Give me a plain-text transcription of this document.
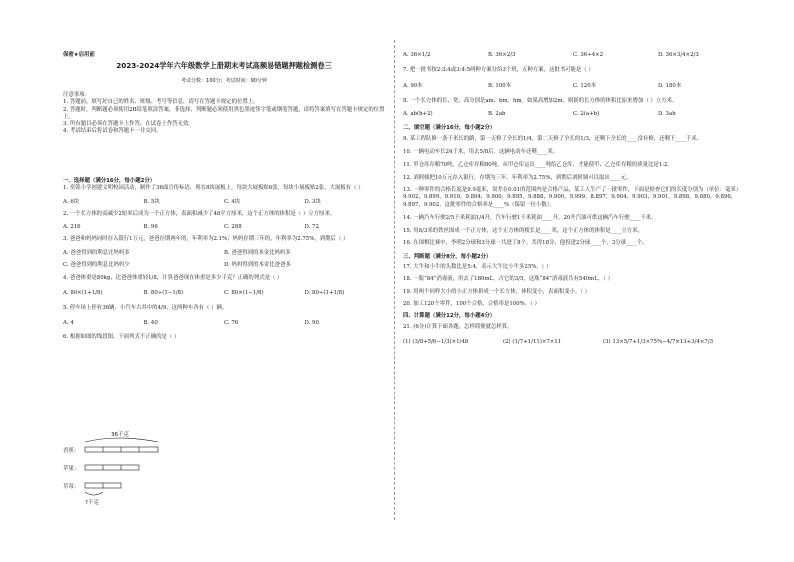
保密★启用前
2023-2024学年六年级数学上册期末考试高频易错题押题检测卷三
考试分数：100分；考试时间：90分钟
注意事项：
1. 答题前，填写好自己的姓名、班级、考号等信息，请写在答题卡规定的位置上。
2. 答题时，判断题必须使用2B铅笔填涂答案，非选择、判断题必须使用黑色墨迹签字笔或钢笔答题，请将答案填写在答题卡规定的位置上。
3. 所有题目必须在答题卡上作答，在试卷上作答无效。
4. 考试结束后将试卷和答题卡一并交回。
一、选择题（满分16分，每小题2分）
1. 奕铭小学创建文明校园活动，制作了36面宣传标语，现在8块展板上，每块大展板贴6张，每块小展板贴2张，大展板有（ ）
A. 6块	B. 5块	C. 4块	D. 3块
2. 一个长方体的高减少2厘米后成为一个正方体，表面积减少了48平方厘米，这个正方体的体积是（ ）立方厘米。
A. 216	B. 96	C. 288	D. 72
3. 爸爸和妈妈同时存入银行1万元，爸爸存期两年的，年利率为2.1%；妈妈存期三年的，年利率为2.75%，到期后（ ）
A. 爸爸得到的利息比妈妈多	B. 爸爸得到的本金比妈妈多
C. 爸爸得到的利息比妈妈少	D. 妈妈得到的本金比爸爸多
4. 爸爸体重是80kg，比爸爸体重轻1/8，计算爸爸现在体重是多少千克？正确的列式是（ ）
A. 80×(1+1/8)	B. 80÷(1−1/8)	C. 80×(1−1/8)	D. 80÷(1+1/8)
5. 停车场上停有36辆，小汽车占其中的4/9，这两种车各有（ ）辆。
A. 4	B. 40	C. 76	D. 90
6. 根据如图的线段图，下面列式不正确的是（ ）
36千克
香蕉：
苹果：
草莓：
?千克
A. 36×1/2	B. 36×2/3	C. 36÷4×2	D. 36×3/4×2/3
7. 把一批书按2:3:4或3:4:5两种方案分给3个班，五种方案，这批书可能是（ ）
A. 90本	B. 100本	C. 120本	D. 180本
8. 一个长方体的长、宽、高分别是am、bm、hm。如果高增加2m，则新的长方体的体积比原来增加（ ）立方米。
A. ab(h+2)	B. 2ab	C. 2(a+b)	D. 3ab
二、填空题（满分16分，每小题2分）
9. 某工程队修一条千米长的路，第一天修了全长的1/4，第二天修了全长的1/3，还剩下全长的____没有修，还剩下____千米。
10. 一辆电动车长24千米，用去5/8后，这辆电动车还剩____米。
11. 甲仓库存粮70吨，乙仓库存粮80吨，从甲仓库运出____吨给乙仓库，才能使甲、乙仓库存粮的质量比是1:2。
12. 刘阿姨把10万元存入银行，存期为三年，年利率为2.75%，到期后刘阿姨可以取出____元。
13. 一种零件的合格长度是9.9毫米，误差在0.01的范围内是合格产品，某工人生产了一批零件，下面是检查它们的长度分别为（单位：毫米）9.902，9.899，9.910，9.894，9.900，9.895，9.888，9.900，9.999，8.897，9.904，9.903，9.901，9.898，9.880，9.896，9.897，9.902，这批零件的合格率是____%（保留一位小数）。
14. 一辆汽车行驶2/5千米耗油1/4升，汽车行驶1千米耗油____升，20升汽油可供这辆汽车行驶____千米。
15. 用8/3米的铁丝围成一个正方体，这个正方体的棱长是____米，这个正方体的体积是____立方米。
16. 在围棋比赛中，李明2分球和3分球一共进了8个，共得18分，他投进2分球____个，3分球____个。
三、判断题（满分8分，每小题2分）
17. 大牛和小牛的头数比是5:4，表示大牛比小牛多25%。（ ）
18. 一瓶“84”消毒液，用去了180mL，占它的3/5，这瓶“84”消毒液共有540mL。（ ）
19. 用两个同样大小的小正方体拼成一个长方体，体积变小，表面积变小。（ ）
20. 加工120个零件，100个合格，合格率是100%。（ ）
四、计算题（满分12分，每小题4分）
21. (6分)计算下面各题，怎样简便就怎样算。
(1) (3/8+5/6−1/3)×1/48	(2) (1/7+1/11)×7×11	(3) 13×5/7+1/3×75%−4/7×13+3/4×7/3
